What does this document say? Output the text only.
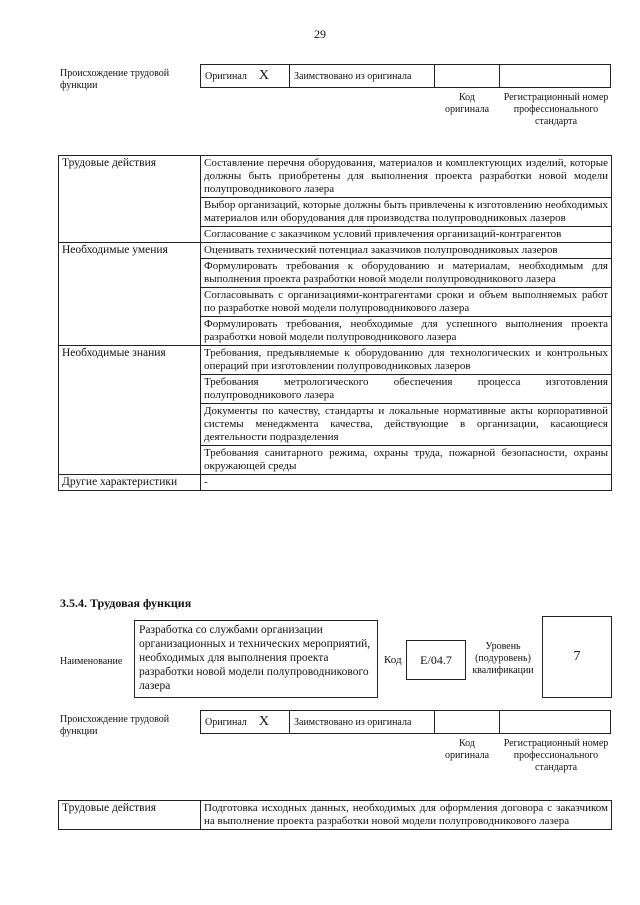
29
Происхождение трудовой функции
Оригинал X Заимствовано из оригинала
Код оригинала
Регистрационный номер профессионального стандарта
Трудовые действия	Составление перечня оборудования, материалов и комплектующих изделий, которые должны быть приобретены для выполнения проекта разработки новой модели полупроводникового лазера
	Выбор организаций, которые должны быть привлечены к изготовлению необходимых материалов или оборудования для производства полупроводниковых лазеров
	Согласование с заказчиком условий привлечения организаций-контрагентов
Необходимые умения	Оценивать технический потенциал заказчиков полупроводниковых лазеров
	Формулировать требования к оборудованию и материалам, необходимым для выполнения проекта разработки новой модели полупроводникового лазера
	Согласовывать с организациями-контрагентами сроки и объем выполняемых работ по разработке новой модели полупроводникового лазера
	Формулировать требования, необходимые для успешного выполнения проекта разработки новой модели полупроводникового лазера
Необходимые знания	Требования, предъявляемые к оборудованию для технологических и контрольных операций при изготовлении полупроводниковых лазеров
	Требования метрологического обеспечения процесса изготовления полупроводникового лазера
	Документы по качеству, стандарты и локальные нормативные акты корпоративной системы менеджмента качества, действующие в организации, касающиеся деятельности подразделения
	Требования санитарного режима, охраны труда, пожарной безопасности, охраны окружающей среды
Другие характеристики	-
3.5.4. Трудовая функция
Наименование
Разработка со службами организации организационных и технических мероприятий, необходимых для выполнения проекта разработки новой модели полупроводникового лазера
Код	E/04.7
Уровень (подуровень) квалификации
7
Происхождение трудовой функции
Оригинал X Заимствовано из оригинала
Код оригинала
Регистрационный номер профессионального стандарта
Трудовые действия	Подготовка исходных данных, необходимых для оформления договора с заказчиком на выполнение проекта разработки новой модели полупроводникового лазера
